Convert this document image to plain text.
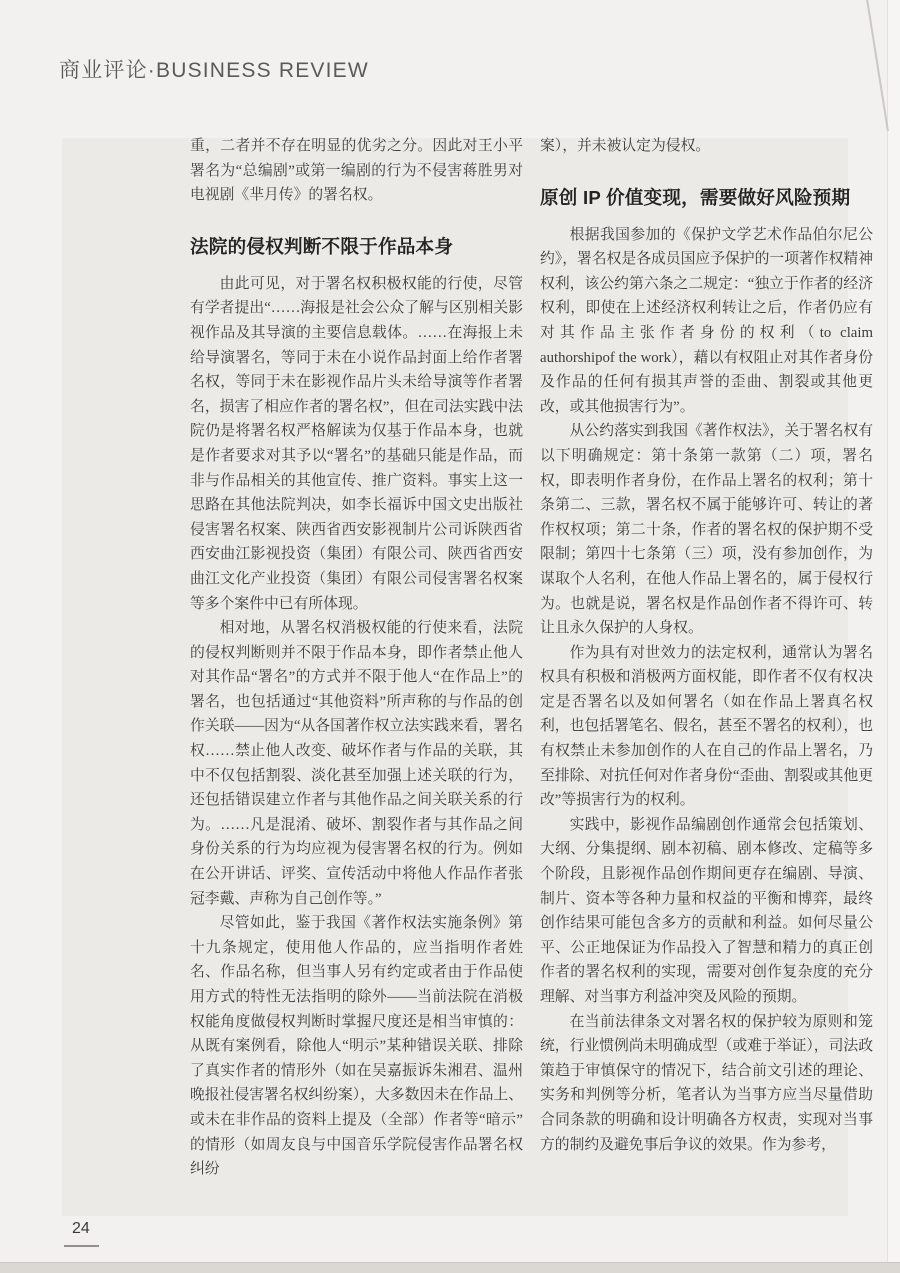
商业评论·BUSINESS REVIEW

重，二者并不存在明显的优劣之分。因此对王小平署名为“总编剧”或第一编剧的行为不侵害蒋胜男对电视剧《芈月传》的署名权。

法院的侵权判断不限于作品本身

由此可见，对于署名权积极权能的行使，尽管有学者提出“……海报是社会公众了解与区别相关影视作品及其导演的主要信息载体。……在海报上未给导演署名，等同于未在小说作品封面上给作者署名权，等同于未在影视作品片头未给导演等作者署名，损害了相应作者的署名权”，但在司法实践中法院仍是将署名权严格解读为仅基于作品本身，也就是作者要求对其予以“署名”的基础只能是作品，而非与作品相关的其他宣传、推广资料。事实上这一思路在其他法院判决，如李长福诉中国文史出版社侵害署名权案、陕西省西安影视制片公司诉陕西省西安曲江影视投资（集团）有限公司、陕西省西安曲江文化产业投资（集团）有限公司侵害署名权案等多个案件中已有所体现。

相对地，从署名权消极权能的行使来看，法院的侵权判断则并不限于作品本身，即作者禁止他人对其作品“署名”的方式并不限于他人“在作品上”的署名，也包括通过“其他资料”所声称的与作品的创作关联——因为“从各国著作权立法实践来看，署名权……禁止他人改变、破坏作者与作品的关联，其中不仅包括割裂、淡化甚至加强上述关联的行为，还包括错误建立作者与其他作品之间关联关系的行为。……凡是混淆、破坏、割裂作者与其作品之间身份关系的行为均应视为侵害署名权的行为。例如在公开讲话、评奖、宣传活动中将他人作品作者张冠李戴、声称为自己创作等。”

尽管如此，鉴于我国《著作权法实施条例》第十九条规定，使用他人作品的，应当指明作者姓名、作品名称，但当事人另有约定或者由于作品使用方式的特性无法指明的除外——当前法院在消极权能角度做侵权判断时掌握尺度还是相当审慎的：从既有案例看，除他人“明示”某种错误关联、排除了真实作者的情形外（如在吴嘉振诉朱湘君、温州晚报社侵害署名权纠纷案），大多数因未在作品上、或未在非作品的资料上提及（全部）作者等“暗示”的情形（如周友良与中国音乐学院侵害作品署名权纠纷

案），并未被认定为侵权。

原创 IP 价值变现，需要做好风险预期

根据我国参加的《保护文学艺术作品伯尔尼公约》，署名权是各成员国应予保护的一项著作权精神权利，该公约第六条之二规定：“独立于作者的经济权利，即使在上述经济权利转让之后，作者仍应有对其作品主张作者身份的权利（to claim authorshipof the work），藉以有权阻止对其作者身份及作品的任何有损其声誉的歪曲、割裂或其他更改，或其他损害行为”。

从公约落实到我国《著作权法》，关于署名权有以下明确规定：第十条第一款第（二）项，署名权，即表明作者身份，在作品上署名的权利；第十条第二、三款，署名权不属于能够许可、转让的著作权权项；第二十条，作者的署名权的保护期不受限制；第四十七条第（三）项，没有参加创作，为谋取个人名利，在他人作品上署名的，属于侵权行为。也就是说，署名权是作品创作者不得许可、转让且永久保护的人身权。

作为具有对世效力的法定权利，通常认为署名权具有积极和消极两方面权能，即作者不仅有权决定是否署名以及如何署名（如在作品上署真名权利，也包括署笔名、假名，甚至不署名的权利），也有权禁止未参加创作的人在自己的作品上署名，乃至排除、对抗任何对作者身份“歪曲、割裂或其他更改”等损害行为的权利。

实践中，影视作品编剧创作通常会包括策划、大纲、分集提纲、剧本初稿、剧本修改、定稿等多个阶段，且影视作品创作期间更存在编剧、导演、制片、资本等各种力量和权益的平衡和博弈，最终创作结果可能包含多方的贡献和利益。如何尽量公平、公正地保证为作品投入了智慧和精力的真正创作者的署名权利的实现，需要对创作复杂度的充分理解、对当事方利益冲突及风险的预期。

在当前法律条文对署名权的保护较为原则和笼统，行业惯例尚未明确成型（或难于举证），司法政策趋于审慎保守的情况下，结合前文引述的理论、实务和判例等分析，笔者认为当事方应当尽量借助合同条款的明确和设计明确各方权责，实现对当事方的制约及避免事后争议的效果。作为参考，

24
